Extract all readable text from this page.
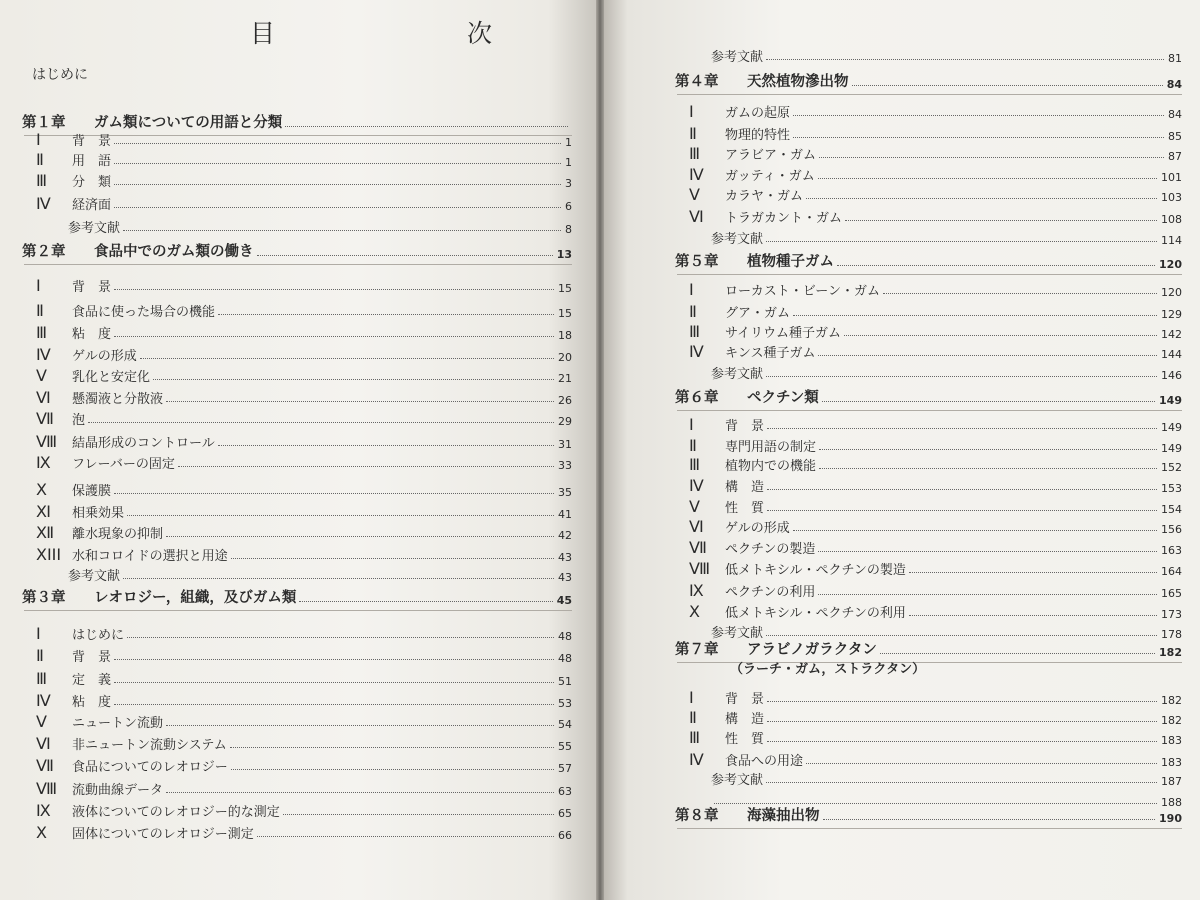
目 次
はじめに
第１章	ガム類についての用語と分類
Ⅰ	背　景	1
Ⅱ	用　語	1
Ⅲ	分　類	3
Ⅳ	経済面	6
参考文献	8
第２章	食品中でのガム類の働き	13
Ⅰ	背　景	15
Ⅱ	食品に使った場合の機能	15
Ⅲ	粘　度	18
Ⅳ	ゲルの形成	20
Ⅴ	乳化と安定化	21
Ⅵ	懸濁液と分散液	26
Ⅶ	泡	29
Ⅷ	結晶形成のコントロール	31
Ⅸ	フレーバーの固定	33
Ⅹ	保護膜	35
Ⅺ	相乗効果	41
Ⅻ	離水現象の抑制	42
XIII 水和コロイドの選択と用途	43
参考文献	43
第３章	レオロジー，組織，及びガム類	45
Ⅰ	はじめに	48
Ⅱ	背　景	48
Ⅲ	定　義	51
Ⅳ	粘　度	53
Ⅴ	ニュートン流動	54
Ⅵ	非ニュートン流動システム	55
Ⅶ	食品についてのレオロジー	57
Ⅷ	流動曲線データ	63
Ⅸ	液体についてのレオロジー的な測定	65
Ⅹ	固体についてのレオロジー測定	66
参考文献	81
第４章	天然植物滲出物	84
Ⅰ	ガムの起原	84
Ⅱ	物理的特性	85
Ⅲ	アラビア・ガム	87
Ⅳ	ガッティ・ガム	101
Ⅴ	カラヤ・ガム	103
Ⅵ	トラガカント・ガム	108
参考文献	114
第５章	植物種子ガム	120
Ⅰ	ローカスト・ビーン・ガム	120
Ⅱ	グア・ガム	129
Ⅲ	サイリウム種子ガム	142
Ⅳ	キンス種子ガム	144
参考文献	146
第６章	ペクチン類	149
Ⅰ	背　景	149
Ⅱ	専門用語の制定	149
Ⅲ	植物内での機能	152
Ⅳ	構　造	153
Ⅴ	性　質	154
Ⅵ	ゲルの形成	156
Ⅶ	ペクチンの製造	163
Ⅷ	低メトキシル・ペクチンの製造	164
Ⅸ	ペクチンの利用	165
Ⅹ	低メトキシル・ペクチンの利用	173
参考文献	178
第７章	アラビノガラクタン	182
（ラーチ・ガム，ストラクタン）
Ⅰ	背　景	182
Ⅱ	構　造	182
Ⅲ	性　質	183
Ⅳ	食品への用途	183
参考文献	187
188
第８章	海藻抽出物	190
